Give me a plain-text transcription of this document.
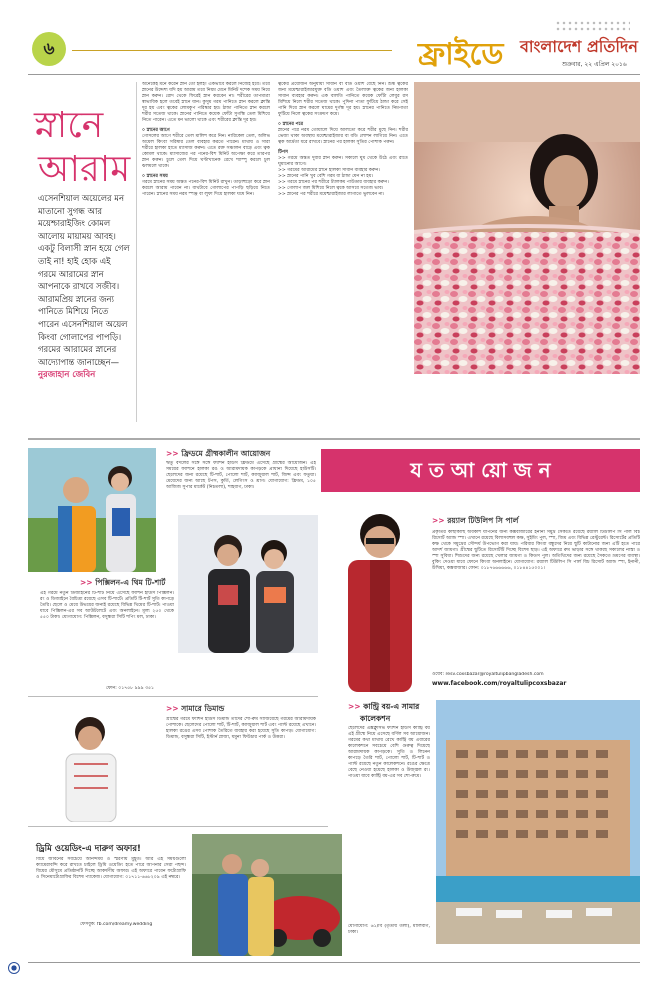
৬	ফ্রাইডে বাংলাদেশ প্রতিদিন
শুক্রবার, ২২ এপ্রিল ২০১৬
স্নানে
আরাম
এসেনশিয়াল অয়েলের মন মাতানো সুগন্ধ আর ময়েশ্চারাইজিং কোমল আলোয় মায়াময় আবহ। একটু বিলাসী স্নান হয়ে গেল তাই না! হাই হোক এই গরমে আরামের স্নান আপনাকে রাখবে সজীব। আরামপ্রিয় স্নানের জন্য পানিতে মিশিয়ে নিতে পারেন এসেনশিয়াল অয়েল কিংবা গোলাপের পাপড়ি। গরমের আরামের স্নানের আদ্যোপান্ত জানাচ্ছেন— নুরজাহান জেবিন
অনেকেই মনে করেন স্নান তো হলই! একভাবে করলে নিজেই হবে। তবে স্নানের উদ্দেশ্য যদি হয় আরাম তবে নিয়ম মেনে মিনিট দশেক সময় নিয়ে স্নান করুন। রোদ থেকে ফিরেই স্নান করবেন না। শরীরের তাপমাত্রা স্বাভাবিক হলে তবেই স্নানে যান। কুসুম গরম পানিতে স্নান করলে ক্লান্তি দূর হয় এবং ত্বকের লোমকূপ পরিষ্কার হয়। ঠান্ডা পানিতে স্নান করলে শরীর সতেজ থাকে। স্নানের পানিতে কয়েক ফোঁটা সুগন্ধি তেল মিশিয়ে নিতে পারেন। এতে মন ভালো থাকে এবং শরীরের ক্লান্তি দূর হয়।
০ স্নানের আগে
গোসলের আগে শরীরে তেল মালিশ করে নিন। নারিকেল তেল, অলিভ অয়েল কিংবা সরিষার তেল ব্যবহার করতে পারেন। মাথায় ও সারা শরীরে হালকা হাতে ম্যাসাজ করুন। এতে রক্ত সঞ্চালন বাড়ে এবং ত্বক কোমল থাকে। ম্যাসাজের পর পনের-বিশ মিনিট অপেক্ষা করে তারপর স্নান করুন। চুলে তেল দিয়ে ঘণ্টাখানেক রেখে শ্যাম্পু করলে চুল ঝলমলে থাকে।
০ স্নানের সময়
গরমে স্নানের সময় অন্তত পনের-বিশ মিনিট রাখুন। তাড়াহুড়ো করে স্নান করলে আরাম পাবেন না। বাথটাবে গোলাপের পাপড়ি ছড়িয়ে নিতে পারেন। স্নানের সময় নরম স্পঞ্জ বা লুফা দিয়ে হালকা ঘষে নিন।
ত্বকের প্রয়োজন অনুযায়ী সাবান বা বডি ওয়াশ বেছে নিন। শুষ্ক ত্বকের জন্য ময়েশ্চারাইজারযুক্ত বডি ওয়াশ এবং তৈলাক্ত ত্বকের জন্য হালকা সাবান ব্যবহার করুন। এক বালতি পানিতে কয়েক ফোঁটা লেবুর রস মিশিয়ে নিলে শরীর সতেজ থাকে। পুদিনা পাতা ফুটিয়ে ঠান্ডা করে সেই পানি দিয়ে স্নান করলে ঘামের দুর্গন্ধ দূর হয়। স্নানের পানিতে নিমপাতা ফুটিয়ে নিলে ত্বকের সংক্রমণ কমে।
০ স্নানের পরে
স্নানের পরে নরম তোয়ালে দিয়ে আলতো করে শরীর মুছে নিন। শরীর ভেজা থাকা অবস্থায় ময়েশ্চারাইজার বা বডি লোশন লাগিয়ে নিন। এতে ত্বক আর্দ্রতা ধরে রাখবে। স্নানের পর হালকা সুতির পোশাক পরুন।
টিপস
>> গরমে অন্তত দুবার স্নান করুন। সকালে ঘুম থেকে উঠে এবং রাতে ঘুমানোর আগে।
>> গরমের আরামের স্নানে হালকা সাবান ব্যবহার করুন।
>> স্নানের পানি খুব বেশি গরম বা ঠান্ডা যেন না হয়।
>> গরমে স্নানের পর শরীরে ট্যালকম পাউডার ব্যবহার করুন।
>> গোলাপ জল মিশিয়ে নিলে ত্বকে আসবে সতেজ ভাব।
>> স্নানের পর শরীরে ময়েশ্চারাইজার লাগাতে ভুলবেন না।
>> ফ্রিডমে গ্রীষ্মকালীন আয়োজন
ঋতু বদলের সঙ্গে সঙ্গে ফ্যাশন হাউস ফ্রিডমে এসেছে গ্রীষ্মের আয়োজন। এই সময়ের ফ্যাশনে হালকা রঙ ও আরামদায়ক কাপড়কে প্রাধান্য দিয়েছে হাউসটি। ছেলেদের জন্য রয়েছে টি-শার্ট, পোলো শার্ট, ক্যাজুয়াল শার্ট, জিন্স এবং ফতুয়া। মেয়েদের জন্য আছে টপস, কুর্তি, লেগিংস ও শ্রাগ। যোগাযোগ: ফ্রিডম, ১০৫ আজিজ সুপার মার্কেট (নিচতলা), শাহবাগ, ঢাকা।
য ত আ য়ো জ ন
>> পিক্সিলন-এ থিম টি-শার্ট
এই গরমে নতুন ডিজাইনের টি-শার্ট নিয়ে এসেছে ফ্যাশন হাউস পিক্সিলন। রং ও ডিজাইনে বৈচিত্র্য রয়েছে এসব টি-শার্টে। প্রতিটি টি-শার্ট সুতি কাপড়ে তৈরি। ছেলে ও মেয়ে উভয়ের জন্যই রয়েছে বিভিন্ন থিমের টি-শার্ট। পাওয়া যাবে পিক্সিলন-এর সব আউটলেটে এবং অনলাইনে। মূল্য ২৫০ থেকে ৫৫০ টাকা। যোগাযোগ: পিক্সিলন, বসুন্ধরা সিটি শপিং মল, ঢাকা।
ফোন: ০১৭৫৮ ৯৯৯ ৩৫১
>> রয়্যাল টিউলিপ সি পার্ল
প্রকৃতির কাছাকাছি অবকাশ যাপনের জন্য কক্সবাজারের ইনানী সমুদ্র সৈকতে রয়েছে রয়্যাল টিউলিপ সি পার্ল বিচ রিসোর্ট অ্যান্ড স্পা। এখানে রয়েছে বিলাসবহুল কক্ষ, সুইমিং পুল, স্পা, জিম এবং বিভিন্ন রেস্টুরেন্ট। রিসোর্টের প্রতিটি কক্ষ থেকে সমুদ্রের সৌন্দর্য উপভোগ করা যায়। পরিবার কিংবা বন্ধুদের নিয়ে ছুটি কাটানোর জন্য এটি হতে পারে আদর্শ জায়গা। গ্রীষ্মের ছুটিতে রিসোর্টটি দিচ্ছে বিশেষ ছাড়। এই অফারে রুম ভাড়ার সঙ্গে থাকছে সকালের নাস্তা ও স্পা সুবিধা। শিশুদের জন্য রয়েছে খেলার জায়গা ও কিডস পুল। অতিথিদের জন্য রয়েছে সৈকতে ভ্রমণের ব্যবস্থা। বুকিং দেওয়া যাবে ফোনে কিংবা অনলাইনে। যোগাযোগ: রয়্যাল টিউলিপ সি পার্ল বিচ রিসোর্ট অ্যান্ড স্পা, ইনানী, উখিয়া, কক্সবাজার। ফোন: ০১৮৭৬৬৬৬৬৬, ০১৮৪৪১৫০০১।
ওয়েব: resv.coxsbazar@royaltulipbangladesh.com
www.facebook.com/royaltulipcoxsbazar
>> সামারে ডিমান্ড
গ্রীষ্মের গরমে ফ্যাশন হাউস ডিমান্ড তাদের শো-রুম সাজিয়েছে গরমের আরামদায়ক পোশাকে। ছেলেদের পোলো শার্ট, টি-শার্ট, ক্যাজুয়াল শার্ট এবং প্যান্ট রয়েছে এখানে। হালকা রঙের এসব পোশাক তৈরিতে ব্যবহার করা হয়েছে সুতি কাপড়। যোগাযোগ: ডিমান্ড, বসুন্ধরা সিটি, ইস্টার্ন প্লাজা, যমুনা ফিউচার পার্ক ও উত্তরা।
>> কান্ট্রি বয়-এ সামার
কালেকশন
ছেলেদের এক্সক্লুসিভ ফ্যাশন হাউস কান্ট্রি বয় এই গ্রীষ্মে নিয়ে এসেছে বর্ণিল সব আয়োজন। গরমের কথা মাথায় রেখে কান্ট্রি বয় এবারের কালেকশনে সবচেয়ে বেশি গুরুত্ব দিয়েছে আরামদায়ক কাপড়কে। সুতি ও লিনেন কাপড়ে তৈরি শার্ট, পোলো শার্ট, টি-শার্ট ও প্যান্ট রয়েছে নতুন কালেকশনে। রঙের ক্ষেত্রে বেছে নেওয়া হয়েছে হালকা ও উজ্জ্বল রং। পাওয়া যাবে কান্ট্রি বয়-এর সব শো-রুমে।
যোগাযোগ: ৬১/বি (তৃতীয় তলা), মালিবাগ, ঢাকা।
ড্রিমি ওয়েডিং-এ দারুণ অফার!
বিয়ে জীবনের সবচেয়ে আনন্দময় ও স্মরণীয় মুহূর্ত। আর এই সময়গুলো ক্যামেরাবন্দি করে রাখতে চাইলে ড্রিমি ওয়েডিং হতে পারে আপনার সেরা পছন্দ। বিয়ের মৌসুমে প্রতিষ্ঠানটি দিচ্ছে আকর্ষণীয় অফার। এই অফারে পাবেন ফটোগ্রাফি ও সিনেমাটোগ্রাফির বিশেষ প্যাকেজ। যোগাযোগ: ০১৭১১-৬৬৮২০৯ এই নম্বরে।
ফেসবুক: fb.com/dreamy.wedding
